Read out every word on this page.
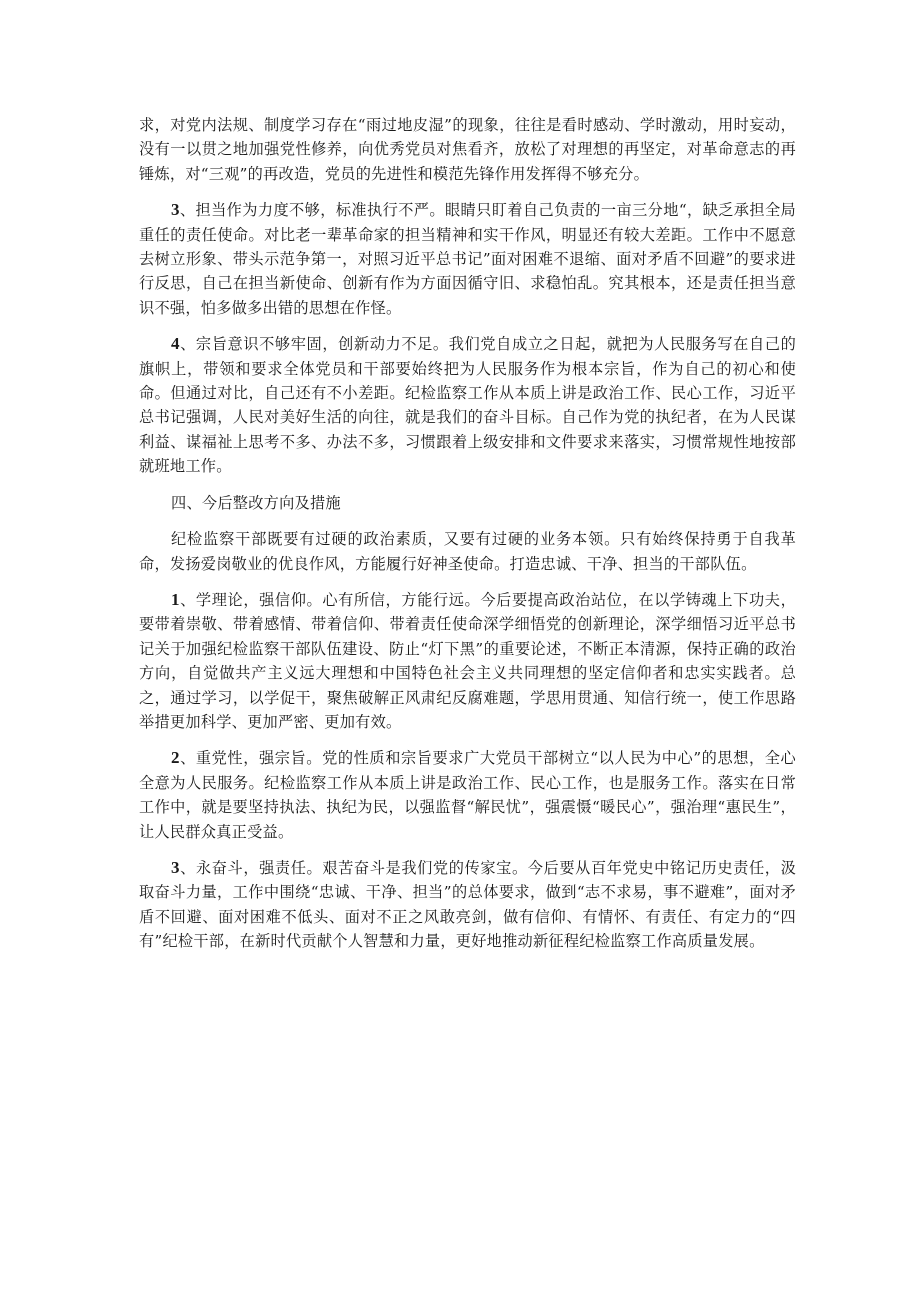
求，对党内法规、制度学习存在“雨过地皮湿”的现象，往往是看时感动、学时激动，用时妄动，没有一以贯之地加强党性修养，向优秀党员对焦看齐，放松了对理想的再坚定，对革命意志的再锤炼，对“三观”的再改造，党员的先进性和模范先锋作用发挥得不够充分。

3、担当作为力度不够，标准执行不严。眼睛只盯着自己负责的一亩三分地“，缺乏承担全局重任的责任使命。对比老一辈革命家的担当精神和实干作风，明显还有较大差距。工作中不愿意去树立形象、带头示范争第一，对照习近平总书记”面对困难不退缩、面对矛盾不回避”的要求进行反思，自己在担当新使命、创新有作为方面因循守旧、求稳怕乱。究其根本，还是责任担当意识不强，怕多做多出错的思想在作怪。

4、宗旨意识不够牢固，创新动力不足。我们党自成立之日起，就把为人民服务写在自己的旗帜上，带领和要求全体党员和干部要始终把为人民服务作为根本宗旨，作为自己的初心和使命。但通过对比，自己还有不小差距。纪检监察工作从本质上讲是政治工作、民心工作，习近平总书记强调，人民对美好生活的向往，就是我们的奋斗目标。自己作为党的执纪者，在为人民谋利益、谋福祉上思考不多、办法不多，习惯跟着上级安排和文件要求来落实，习惯常规性地按部就班地工作。

四、今后整改方向及措施

纪检监察干部既要有过硬的政治素质，又要有过硬的业务本领。只有始终保持勇于自我革命，发扬爱岗敬业的优良作风，方能履行好神圣使命。打造忠诚、干净、担当的干部队伍。

1、学理论，强信仰。心有所信，方能行远。今后要提高政治站位，在以学铸魂上下功夫，要带着崇敬、带着感情、带着信仰、带着责任使命深学细悟党的创新理论，深学细悟习近平总书记关于加强纪检监察干部队伍建设、防止“灯下黑”的重要论述，不断正本清源，保持正确的政治方向，自觉做共产主义远大理想和中国特色社会主义共同理想的坚定信仰者和忠实实践者。总之，通过学习，以学促干，聚焦破解正风肃纪反腐难题，学思用贯通、知信行统一，使工作思路举措更加科学、更加严密、更加有效。

2、重党性，强宗旨。党的性质和宗旨要求广大党员干部树立“以人民为中心”的思想，全心全意为人民服务。纪检监察工作从本质上讲是政治工作、民心工作，也是服务工作。落实在日常工作中，就是要坚持执法、执纪为民，以强监督“解民忧”，强震慑“暖民心”，强治理“惠民生”，让人民群众真正受益。

3、永奋斗，强责任。艰苦奋斗是我们党的传家宝。今后要从百年党史中铭记历史责任，汲取奋斗力量，工作中围绕“忠诚、干净、担当”的总体要求，做到“志不求易，事不避难”，面对矛盾不回避、面对困难不低头、面对不正之风敢亮剑，做有信仰、有情怀、有责任、有定力的“四有”纪检干部，在新时代贡献个人智慧和力量，更好地推动新征程纪检监察工作高质量发展。
